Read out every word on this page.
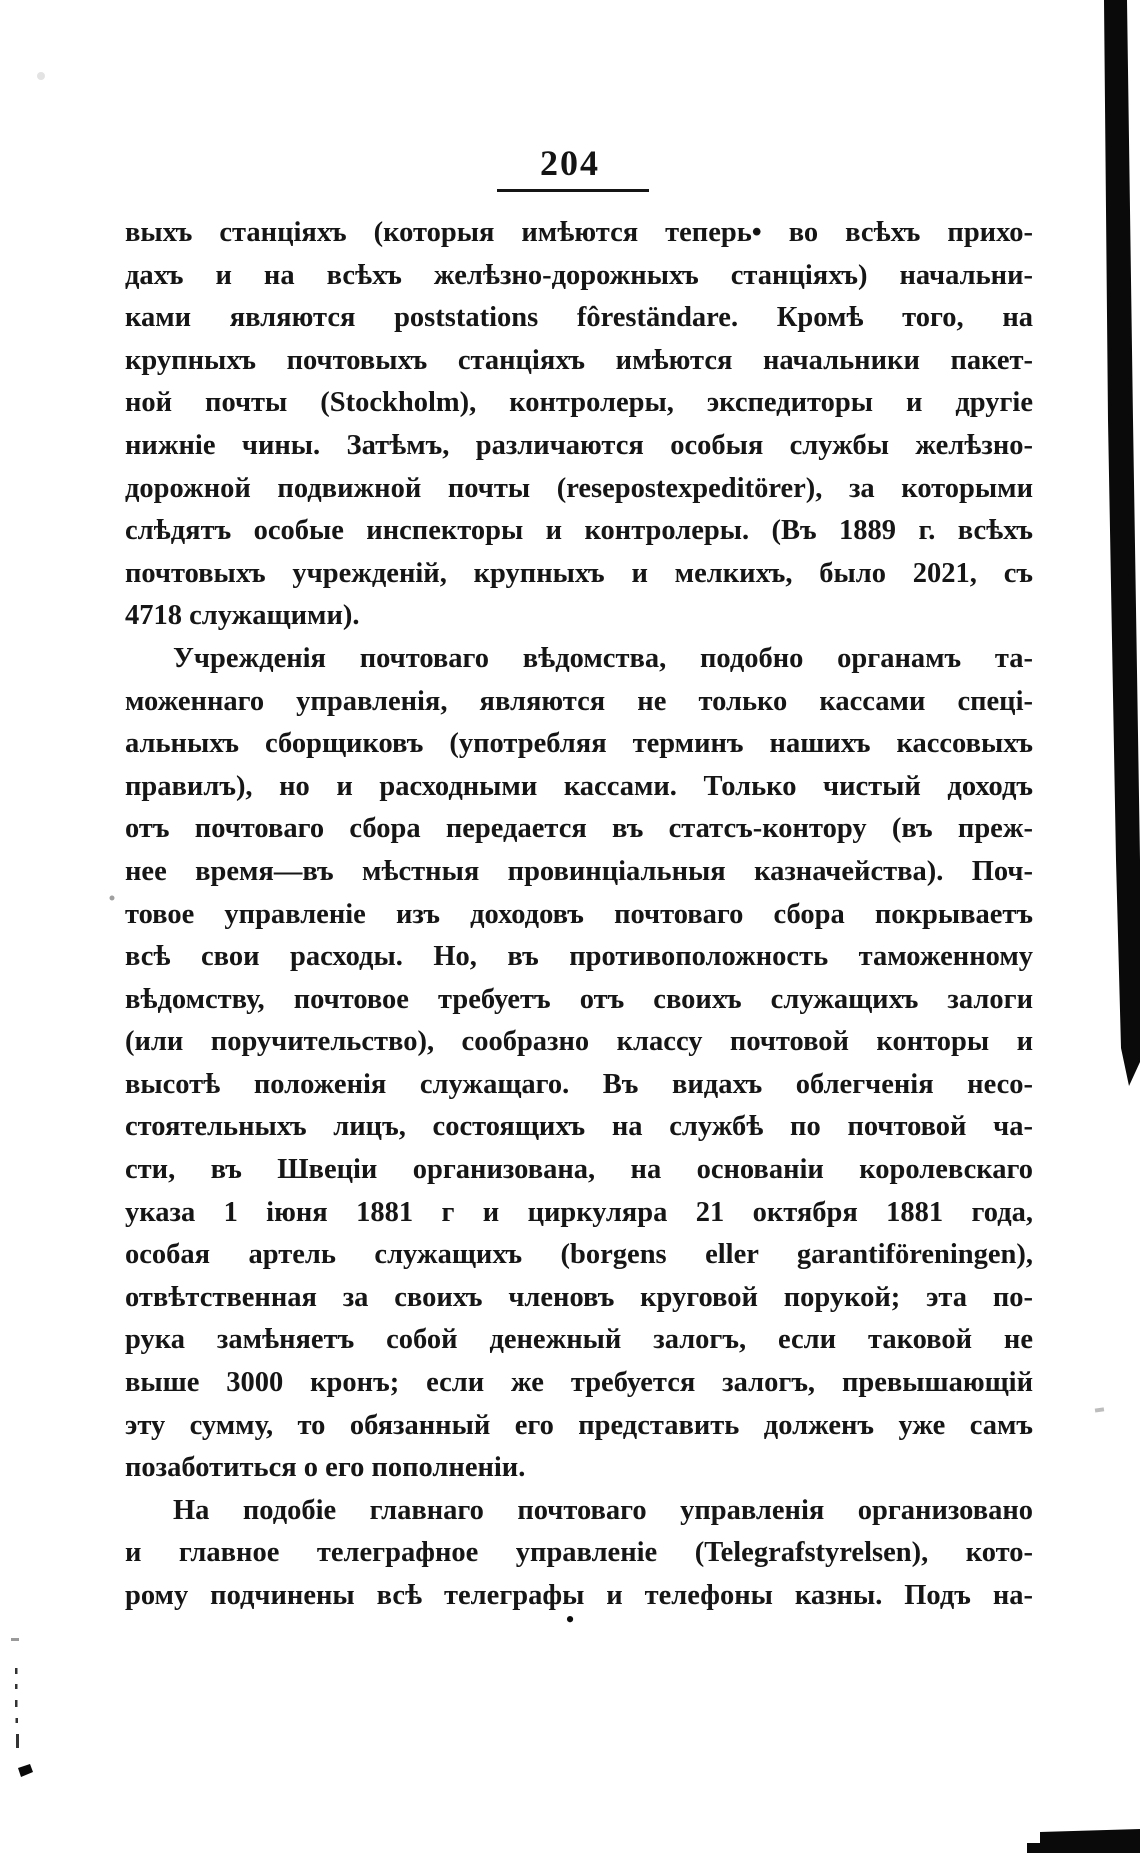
204
выхъ станціяхъ (которыя имѣются теперь• во всѣхъ прихо-
дахъ и на всѣхъ желѣзно-дорожныхъ станціяхъ) начальни-
ками являются poststations fôreständare. Кромѣ того, на
крупныхъ почтовыхъ станціяхъ имѣются начальники пакет-
ной почты (Stockholm), контролеры, экспедиторы и другіе
нижніе чины. Затѣмъ, различаются особыя службы желѣзно-
дорожной подвижной почты (resepostexpeditörer), за которыми
слѣдятъ особые инспекторы и контролеры. (Въ 1889 г. всѣхъ
почтовыхъ учрежденій, крупныхъ и мелкихъ, было 2021, съ
4718 служащими).
Учрежденія почтоваго вѣдомства, подобно органамъ та-
моженнаго управленія, являются не только кассами спеці-
альныхъ сборщиковъ (употребляя терминъ нашихъ кассовыхъ
правилъ), но и расходными кассами. Только чистый доходъ
отъ почтоваго сбора передается въ статсъ-контору (въ преж-
нее время—въ мѣстныя провинціальныя казначейства). Поч-
товое управленіе изъ доходовъ почтоваго сбора покрываетъ
всѣ свои расходы. Но, въ противоположность таможенному
вѣдомству, почтовое требуетъ отъ своихъ служащихъ залоги
(или поручительство), сообразно классу почтовой конторы и
высотѣ положенія служащаго. Въ видахъ облегченія несо-
стоятельныхъ лицъ, состоящихъ на службѣ по почтовой ча-
сти, въ Швеціи организована, на основаніи королевскаго
указа 1 іюня 1881 г и циркуляра 21 октября 1881 года,
особая артель служащихъ (borgens eller garantiföreningen),
отвѣтственная за своихъ членовъ круговой порукой; эта по-
рука замѣняетъ собой денежный залогъ, если таковой не
выше 3000 кронъ; если же требуется залогъ, превышающій
эту сумму, то обязанный его представить долженъ уже самъ
позаботиться о его пополненіи.
На подобіе главнаго почтоваго управленія организовано
и главное телеграфное управленіе (Telegrafstyrelsen), кото-
рому подчинены всѣ телеграфы и телефоны казны. Подъ на-
•
